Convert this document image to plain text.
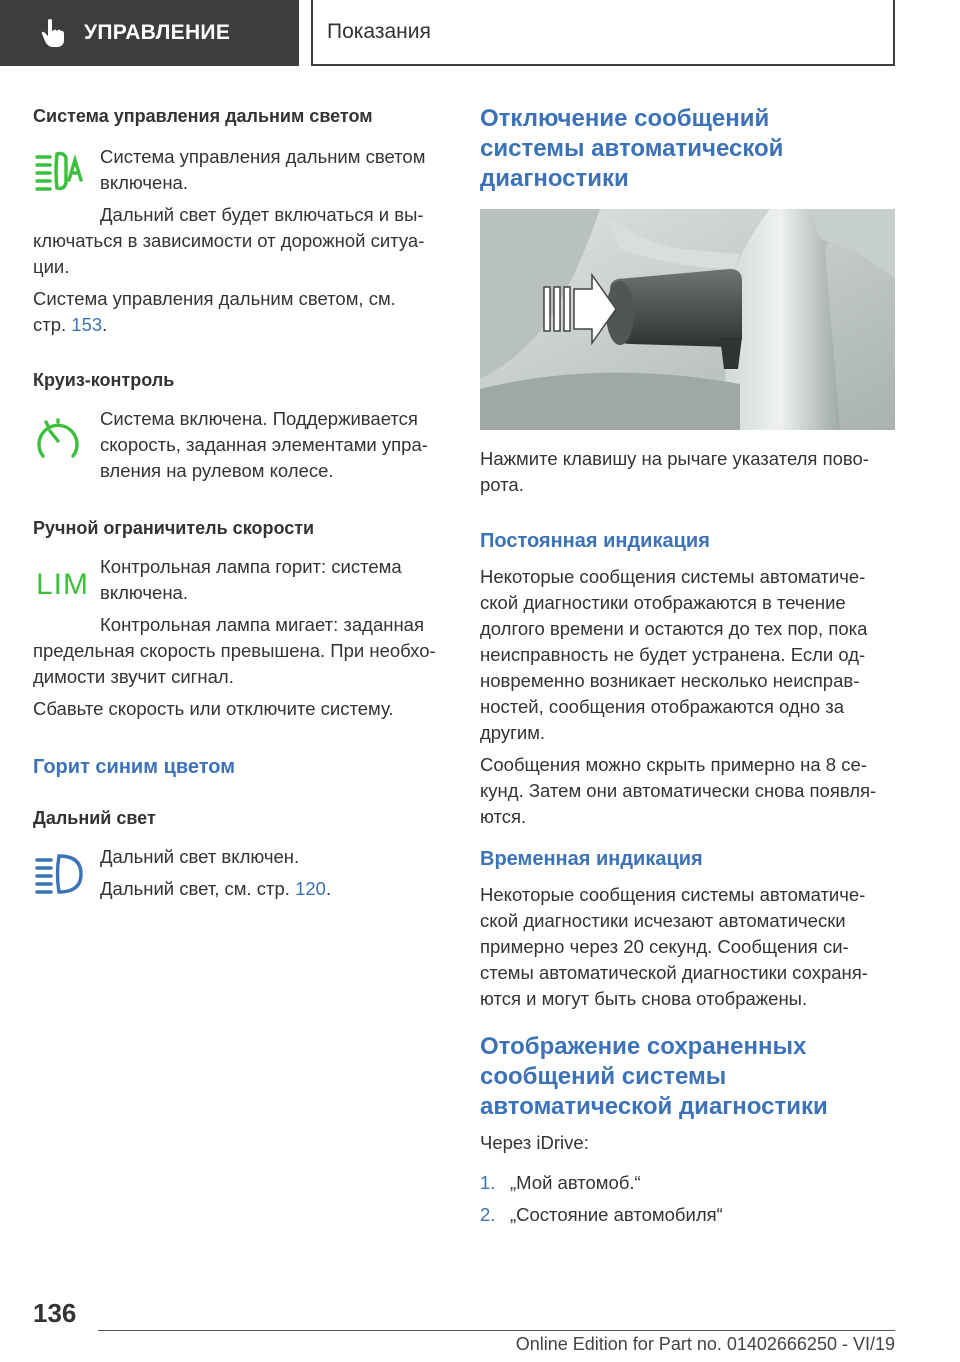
УПРАВЛЕНИЕ	Показания
Система управления дальним светом
Система управления дальним светом
включена.
Дальний свет будет включаться и вы-
ключаться в зависимости от дорожной ситуа-
ции.
Система управления дальним светом, см.
стр. 153.
Круиз-контроль
Система включена. Поддерживается
скорость, заданная элементами упра-
вления на рулевом колесе.
Ручной ограничитель скорости
LIM
Контрольная лампа горит: система
включена.
Контрольная лампа мигает: заданная
предельная скорость превышена. При необхо-
димости звучит сигнал.
Сбавьте скорость или отключите систему.
Горит синим цветом
Дальний свет
Дальний свет включен.
Дальний свет, см. стр. 120.
Отключение сообщений
системы автоматической
диагностики
Нажмите клавишу на рычаге указателя пово-
рота.
Постоянная индикация
Некоторые сообщения системы автоматиче-
ской диагностики отображаются в течение
долгого времени и остаются до тех пор, пока
неисправность не будет устранена. Если од-
новременно возникает несколько неисправ-
ностей, сообщения отображаются одно за
другим.
Сообщения можно скрыть примерно на 8 се-
кунд. Затем они автоматически снова появля-
ются.
Временная индикация
Некоторые сообщения системы автоматиче-
ской диагностики исчезают автоматически
примерно через 20 секунд. Сообщения си-
стемы автоматической диагностики сохраня-
ются и могут быть снова отображены.
Отображение сохраненных
сообщений системы
автоматической диагностики
Через iDrive:
1. „Мой автомоб.“
2. „Состояние автомобиля“
136
Online Edition for Part no. 01402666250 - VI/19
